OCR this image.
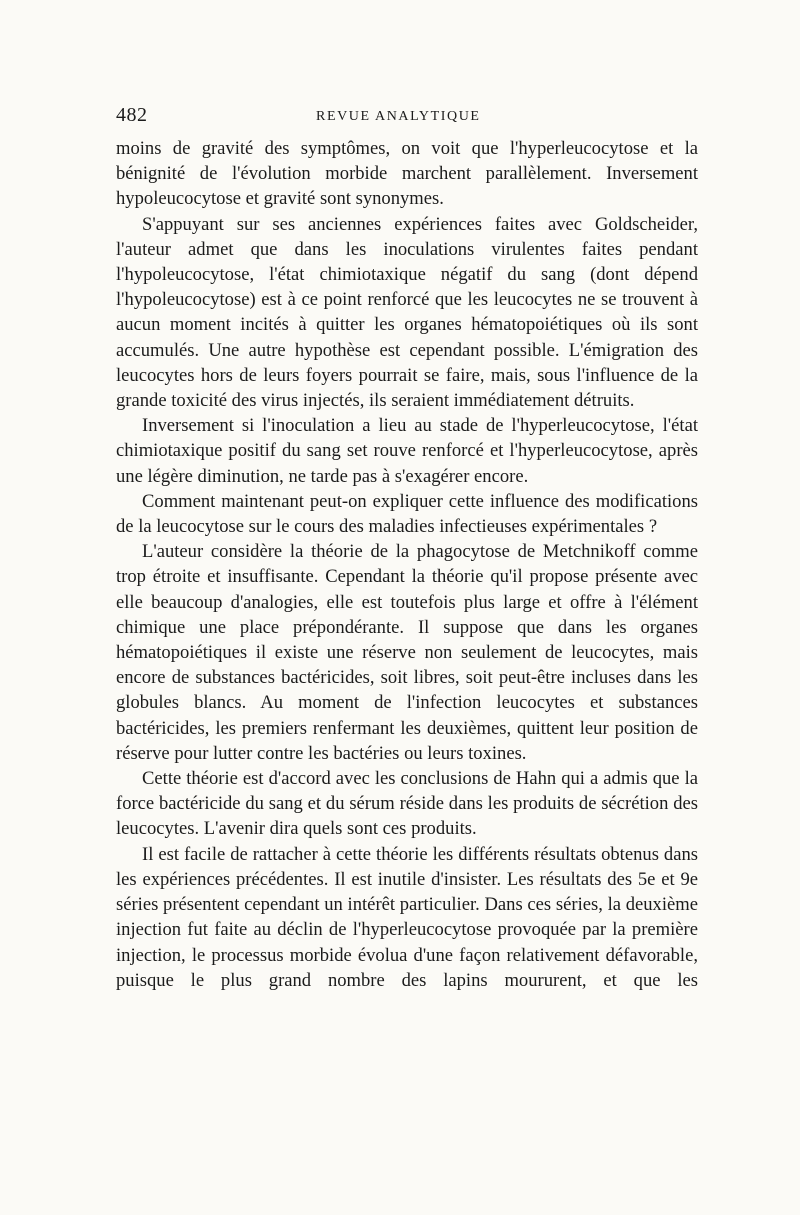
482	REVUE ANALYTIQUE

moins de gravité des symptômes, on voit que l'hyperleucocytose et la bénignité de l'évolution morbide marchent parallèlement. Inversement hypoleucocytose et gravité sont synonymes.

S'appuyant sur ses anciennes expériences faites avec Goldscheider, l'auteur admet que dans les inoculations virulentes faites pendant l'hypoleucocytose, l'état chimiotaxique négatif du sang (dont dépend l'hypoleucocytose) est à ce point renforcé que les leucocytes ne se trouvent à aucun moment incités à quitter les organes hématopoiétiques où ils sont accumulés. Une autre hypothèse est cependant possible. L'émigration des leucocytes hors de leurs foyers pourrait se faire, mais, sous l'influence de la grande toxicité des virus injectés, ils seraient immédiatement détruits.

Inversement si l'inoculation a lieu au stade de l'hyperleucocytose, l'état chimiotaxique positif du sang set rouve renforcé et l'hyperleucocytose, après une légère diminution, ne tarde pas à s'exagérer encore.

Comment maintenant peut-on expliquer cette influence des modifications de la leucocytose sur le cours des maladies infectieuses expérimentales ?

L'auteur considère la théorie de la phagocytose de Metchnikoff comme trop étroite et insuffisante. Cependant la théorie qu'il propose présente avec elle beaucoup d'analogies, elle est toutefois plus large et offre à l'élément chimique une place prépondérante. Il suppose que dans les organes hématopoiétiques il existe une réserve non seulement de leucocytes, mais encore de substances bactéricides, soit libres, soit peut-être incluses dans les globules blancs. Au moment de l'infection leucocytes et substances bactéricides, les premiers renfermant les deuxièmes, quittent leur position de réserve pour lutter contre les bactéries ou leurs toxines.

Cette théorie est d'accord avec les conclusions de Hahn qui a admis que la force bactéricide du sang et du sérum réside dans les produits de sécrétion des leucocytes. L'avenir dira quels sont ces produits.

Il est facile de rattacher à cette théorie les différents résultats obtenus dans les expériences précédentes. Il est inutile d'insister. Les résultats des 5e et 9e séries présentent cependant un intérêt particulier. Dans ces séries, la deuxième injection fut faite au déclin de l'hyperleucocytose provoquée par la première injection, le processus morbide évolua d'une façon relativement défavorable, puisque le plus grand nombre des lapins moururent, et que les
